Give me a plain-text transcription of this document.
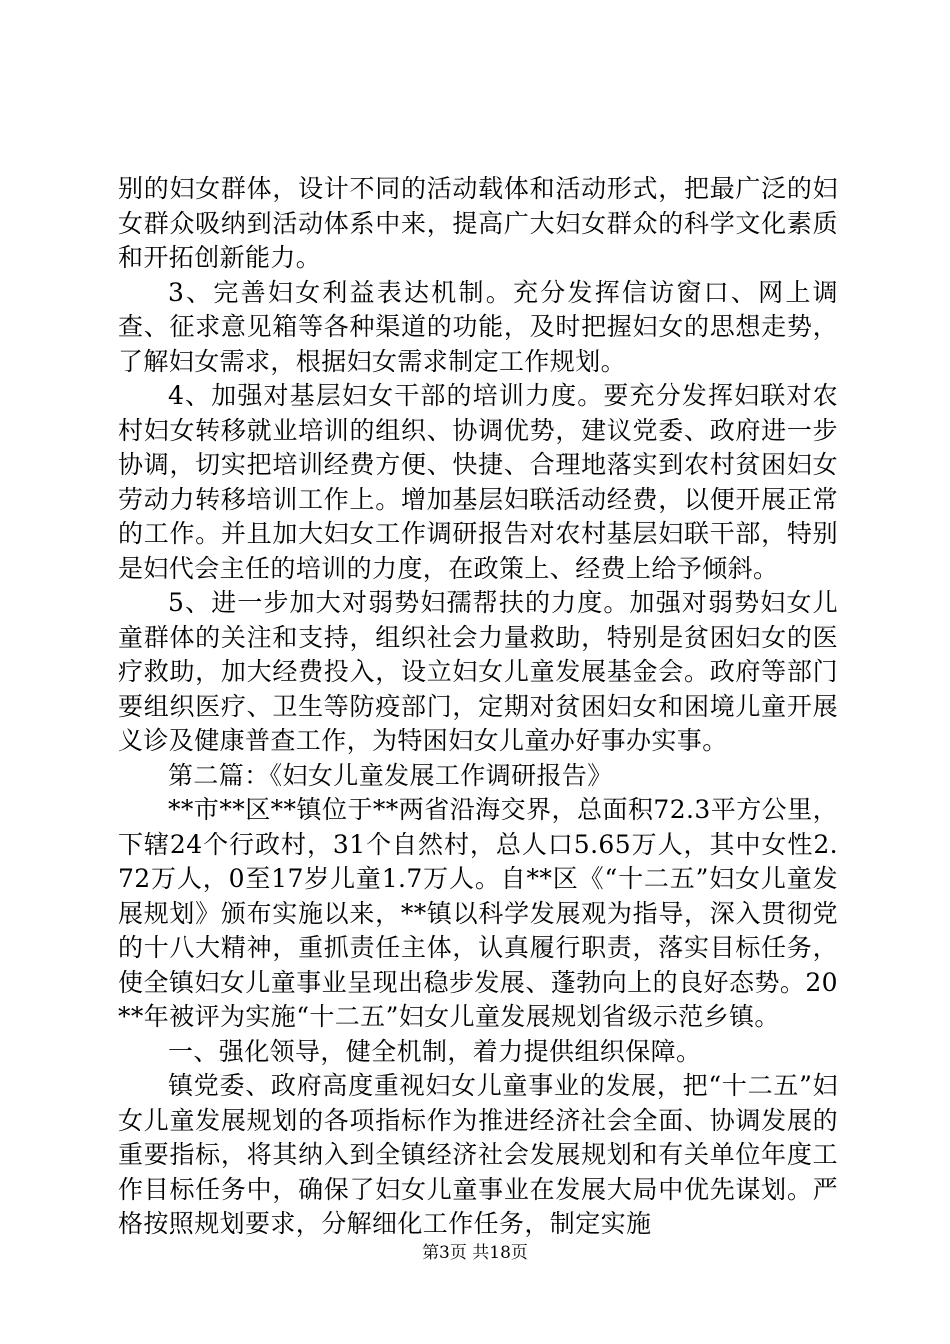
别的妇女群体，设计不同的活动载体和活动形式，把最广泛的妇女群众吸纳到活动体系中来，提高广大妇女群众的科学文化素质和开拓创新能力。

3、完善妇女利益表达机制。充分发挥信访窗口、网上调查、征求意见箱等各种渠道的功能，及时把握妇女的思想走势，了解妇女需求，根据妇女需求制定工作规划。

4、加强对基层妇女干部的培训力度。要充分发挥妇联对农村妇女转移就业培训的组织、协调优势，建议党委、政府进一步协调，切实把培训经费方便、快捷、合理地落实到农村贫困妇女劳动力转移培训工作上。增加基层妇联活动经费，以便开展正常的工作。并且加大妇女工作调研报告对农村基层妇联干部，特别是妇代会主任的培训的力度，在政策上、经费上给予倾斜。

5、进一步加大对弱势妇孺帮扶的力度。加强对弱势妇女儿童群体的关注和支持，组织社会力量救助，特别是贫困妇女的医疗救助，加大经费投入，设立妇女儿童发展基金会。政府等部门要组织医疗、卫生等防疫部门，定期对贫困妇女和困境儿童开展义诊及健康普查工作，为特困妇女儿童办好事办实事。

第二篇：《妇女儿童发展工作调研报告》

**市**区**镇位于**两省沿海交界，总面积72.3平方公里，下辖24个行政村，31个自然村，总人口5.65万人，其中女性2.72万人，0至17岁儿童1.7万人。自**区《“十二五”妇女儿童发展规划》颁布实施以来，**镇以科学发展观为指导，深入贯彻党的十八大精神，重抓责任主体，认真履行职责，落实目标任务，使全镇妇女儿童事业呈现出稳步发展、蓬勃向上的良好态势。20**年被评为实施“十二五”妇女儿童发展规划省级示范乡镇。

一、强化领导，健全机制，着力提供组织保障。

镇党委、政府高度重视妇女儿童事业的发展，把“十二五”妇女儿童发展规划的各项指标作为推进经济社会全面、协调发展的重要指标，将其纳入到全镇经济社会发展规划和有关单位年度工作目标任务中，确保了妇女儿童事业在发展大局中优先谋划。严格按照规划要求，分解细化工作任务，制定实施

第3页 共18页
